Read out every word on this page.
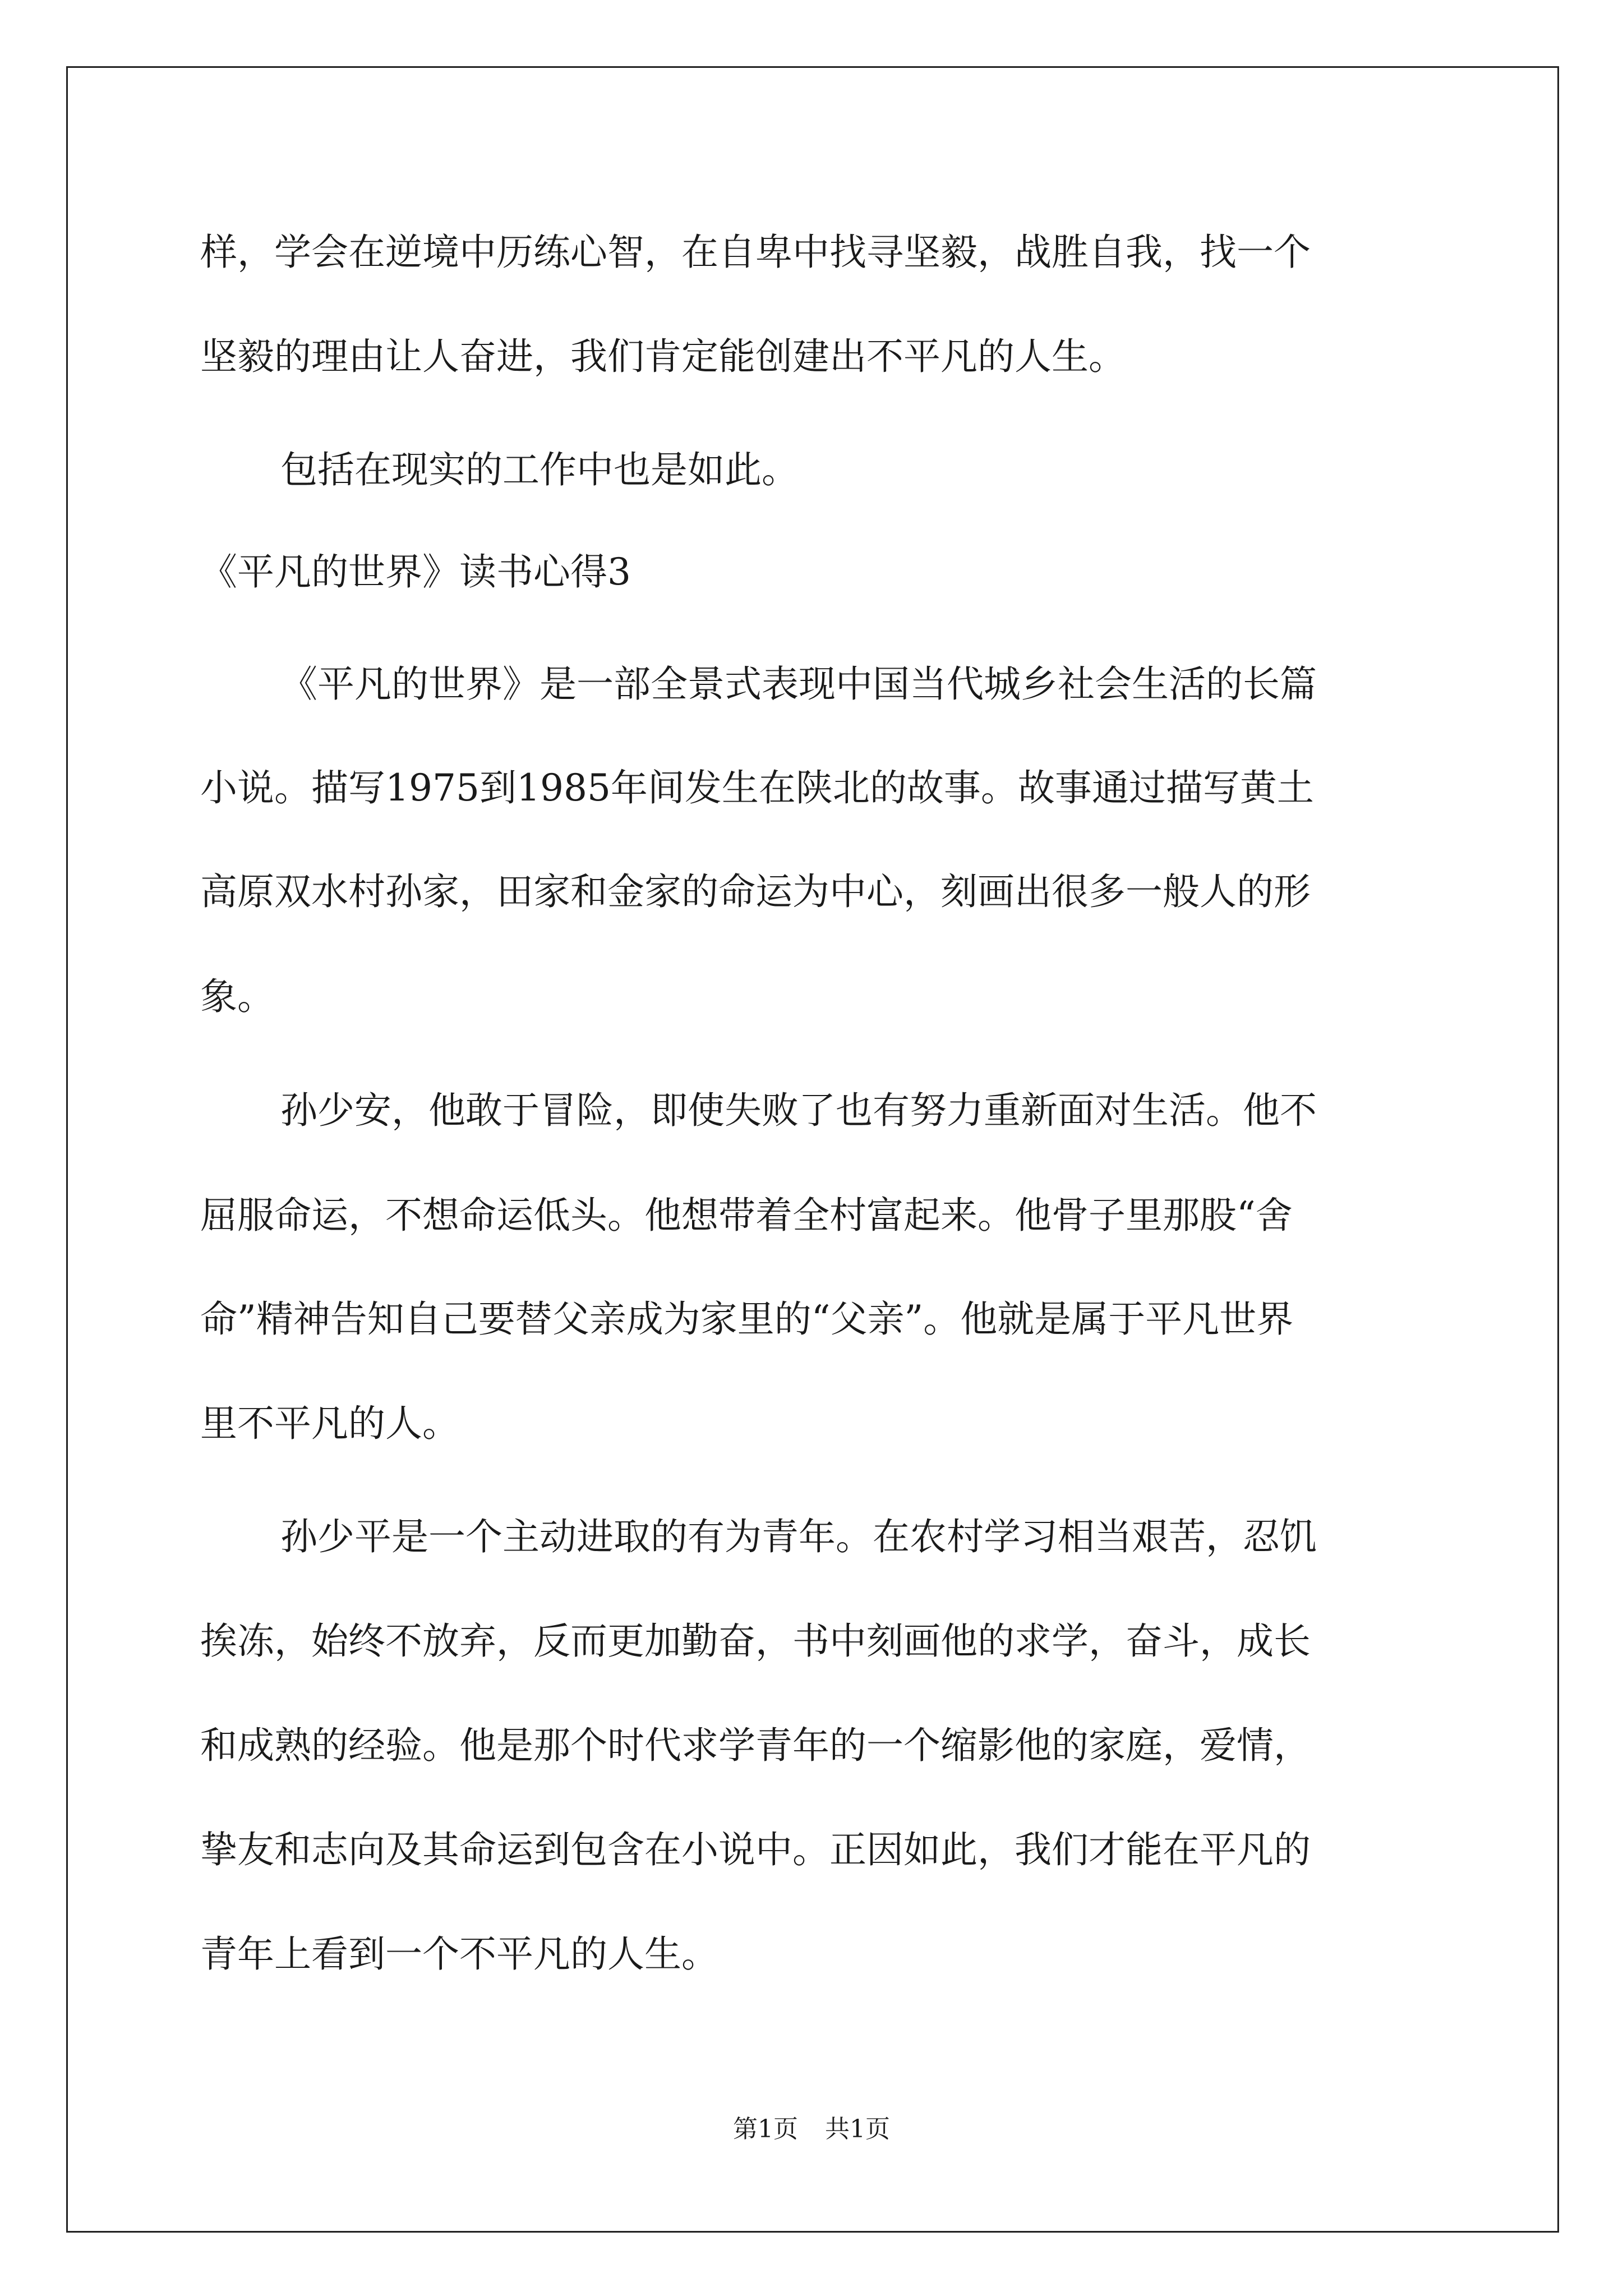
样，学会在逆境中历练心智，在自卑中找寻坚毅，战胜自我，找一个
坚毅的理由让人奋进，我们肯定能创建出不平凡的人生。
包括在现实的工作中也是如此。
《平凡的世界》读书心得3
《平凡的世界》是一部全景式表现中国当代城乡社会生活的长篇
小说。描写1975到1985年间发生在陕北的故事。故事通过描写黄土
高原双水村孙家，田家和金家的命运为中心，刻画出很多一般人的形
象。
孙少安，他敢于冒险，即使失败了也有努力重新面对生活。他不
屈服命运，不想命运低头。他想带着全村富起来。他骨子里那股“舍
命”精神告知自己要替父亲成为家里的“父亲”。他就是属于平凡世界
里不平凡的人。
孙少平是一个主动进取的有为青年。在农村学习相当艰苦，忍饥
挨冻，始终不放弃，反而更加勤奋，书中刻画他的求学，奋斗，成长
和成熟的经验。他是那个时代求学青年的一个缩影他的家庭，爱情，
挚友和志向及其命运到包含在小说中。正因如此，我们才能在平凡的
青年上看到一个不平凡的人生。
第1页 共1页
